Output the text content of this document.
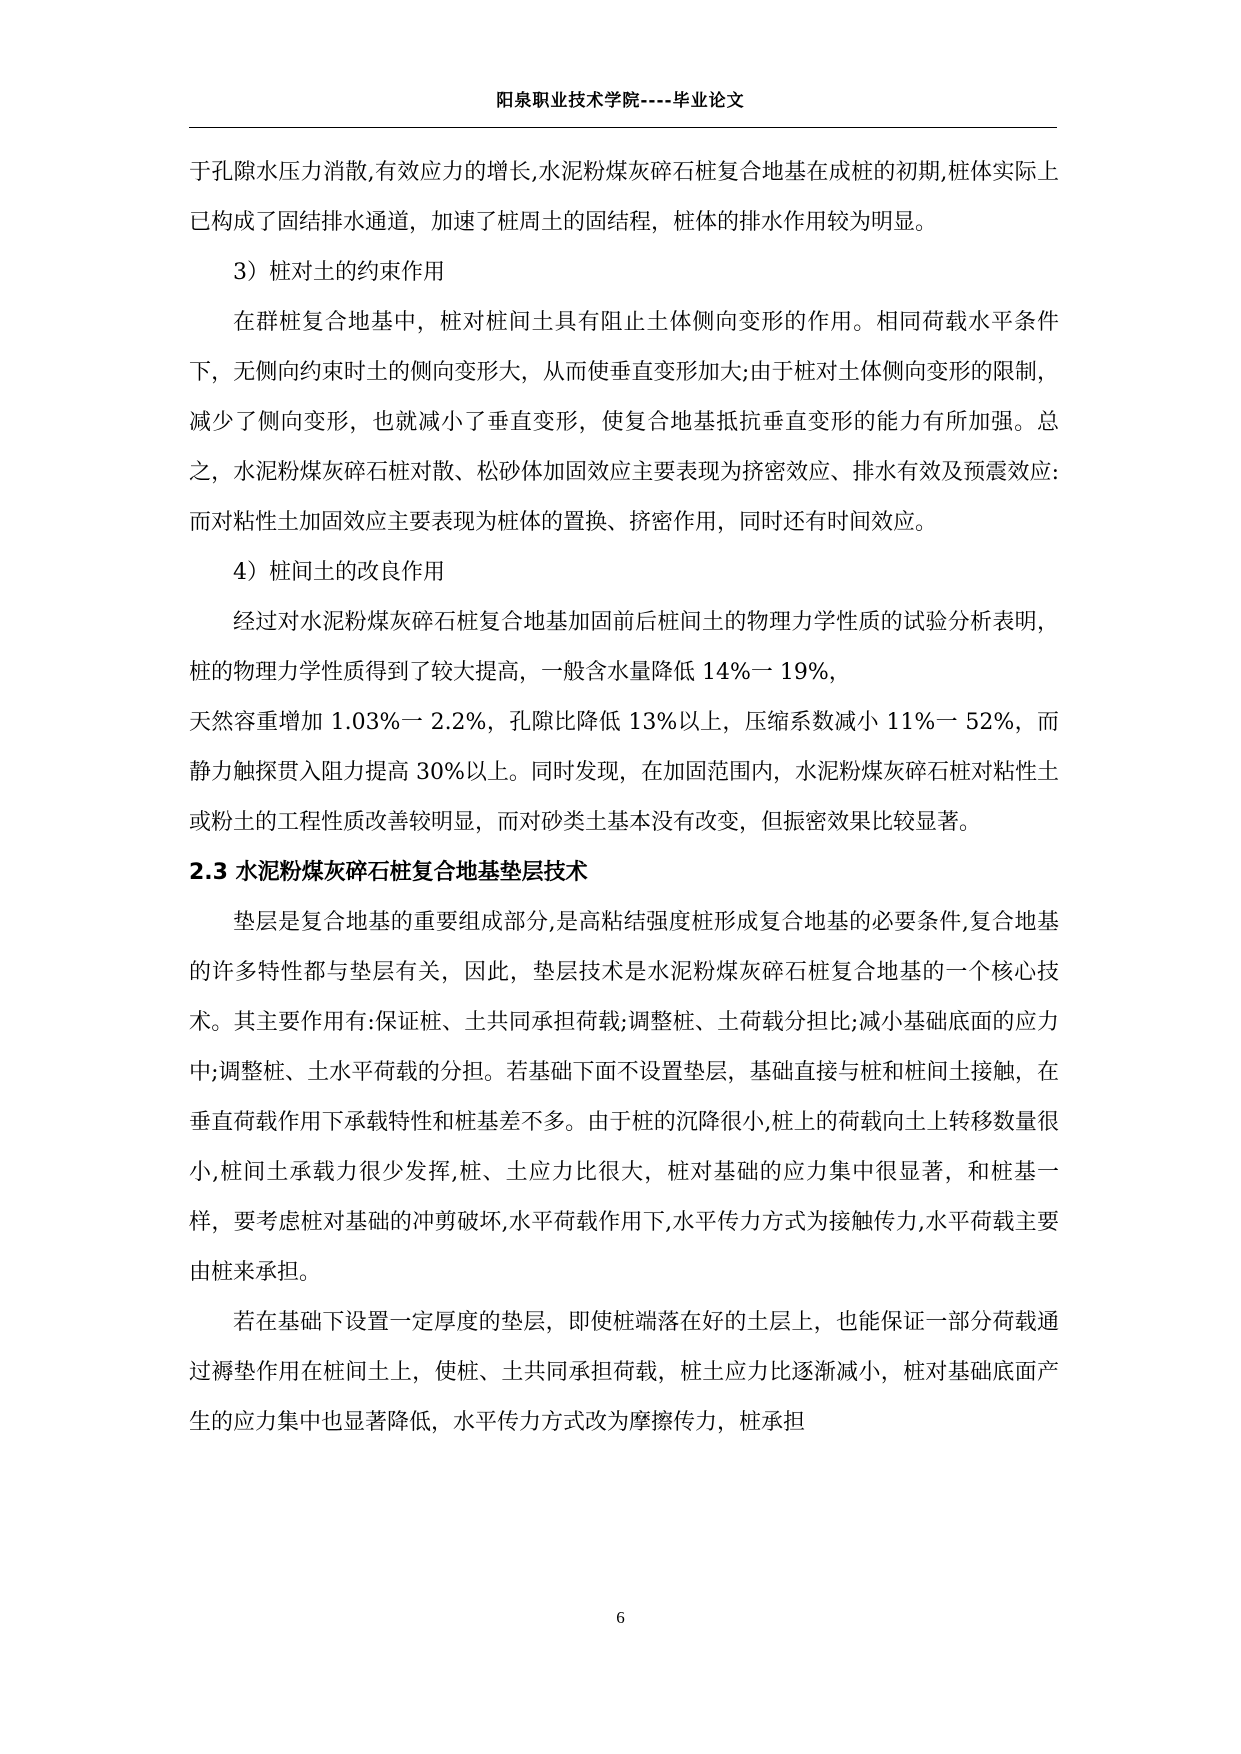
阳泉职业技术学院----毕业论文

于孔隙水压力消散,有效应力的增长,水泥粉煤灰碎石桩复合地基在成桩的初期,桩体实际上已构成了固结排水通道，加速了桩周土的固结程，桩体的排水作用较为明显。

3）桩对土的约束作用

在群桩复合地基中，桩对桩间土具有阻止土体侧向变形的作用。相同荷载水平条件下，无侧向约束时土的侧向变形大，从而使垂直变形加大;由于桩对土体侧向变形的限制，减少了侧向变形，也就减小了垂直变形，使复合地基抵抗垂直变形的能力有所加强。总之，水泥粉煤灰碎石桩对散、松砂体加固效应主要表现为挤密效应、排水有效及预震效应:而对粘性土加固效应主要表现为桩体的置换、挤密作用，同时还有时间效应。

4）桩间土的改良作用

经过对水泥粉煤灰碎石桩复合地基加固前后桩间土的物理力学性质的试验分析表明，桩的物理力学性质得到了较大提高，一般含水量降低 14%一 19%，

天然容重增加 1.03%一 2.2%，孔隙比降低 13%以上，压缩系数减小 11%一 52%，而静力触探贯入阻力提高 30%以上。同时发现，在加固范围内，水泥粉煤灰碎石桩对粘性土或粉土的工程性质改善较明显，而对砂类土基本没有改变，但振密效果比较显著。

2.3 水泥粉煤灰碎石桩复合地基垫层技术

垫层是复合地基的重要组成部分,是高粘结强度桩形成复合地基的必要条件,复合地基的许多特性都与垫层有关，因此，垫层技术是水泥粉煤灰碎石桩复合地基的一个核心技术。其主要作用有:保证桩、土共同承担荷载;调整桩、土荷载分担比;减小基础底面的应力中;调整桩、土水平荷载的分担。若基础下面不设置垫层，基础直接与桩和桩间土接触，在垂直荷载作用下承载特性和桩基差不多。由于桩的沉降很小,桩上的荷载向土上转移数量很小,桩间土承载力很少发挥,桩、土应力比很大，桩对基础的应力集中很显著，和桩基一样，要考虑桩对基础的冲剪破坏,水平荷载作用下,水平传力方式为接触传力,水平荷载主要由桩来承担。

若在基础下设置一定厚度的垫层，即使桩端落在好的土层上，也能保证一部分荷载通过褥垫作用在桩间土上，使桩、土共同承担荷载，桩土应力比逐渐减小，桩对基础底面产生的应力集中也显著降低，水平传力方式改为摩擦传力，桩承担

6
